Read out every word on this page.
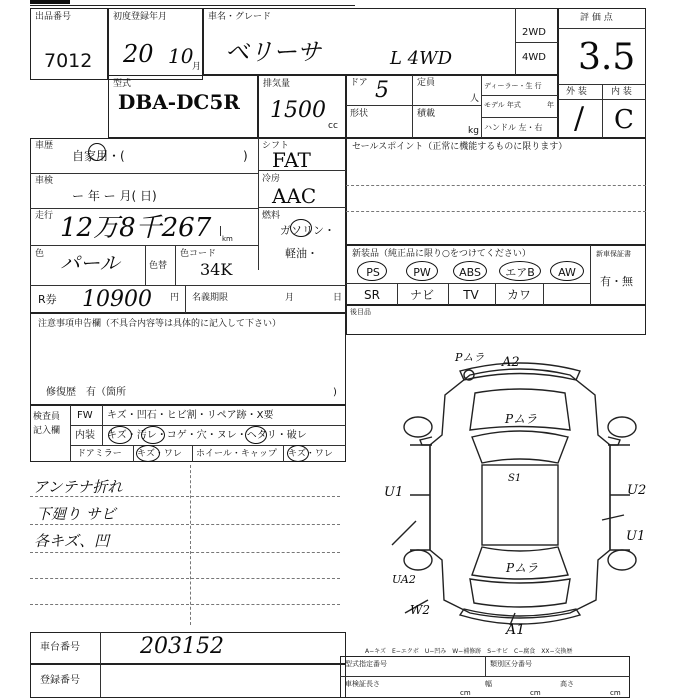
出品番号
7012
初度登録年月
20 10
月
車名・グレード
ベリーサ	L 4WD
2WD
4WD
評 価 点
3.5
外 装	内 装
/ C
型式
DBA-DC5R
排気量
1500
cc
ドア 5	定員
人
形状	積載
kg
ディーラー・生 行
モデル 年式	年
ハンドル 左・右
車歴
自家用・(	)
シフト
FAT
車検
ー 年 ー 月( 日)
冷房
AAC
走行 12万8千267 km
燃料
ガソリン・
軽油・
色 パール	色替
色コード
34K
R券 10900 円 名義期限	月	日
セールスポイント（正常に機能するものに限ります）
新装品（純正品に限り○をつけてください）	新車保証書
有・無
PS	PW	ABS	エアB	AW
SR	ナビ	TV	カワ
後目品
注意事項申告欄（不具合内容等は具体的に記入して下さい）
修復歴　有（箇所	)
検査員
記入欄
FW キズ・凹石・ヒビ割・リペア跡・X要
内装 キズ・汚レ・コゲ・穴・ヌレ・ヘタリ・破レ
ドアミラー キズ・ワレ ホイール・キャップ キズ・ワレ
アンテナ折れ
下廻り サビ
各キズ、凹
Pムラ A2
Pムラ
S1
U1	U2
U1
Pムラ
UA2
W2
A1
車台番号	203152
登録番号
A−キズ　E−エクボ　U−凹み　W−補修跡　S−サビ　C−腐食　XX−交換歴
型式指定番号	類別区分番号
車検証長さ
cm
幅
cm
高さ
cm
